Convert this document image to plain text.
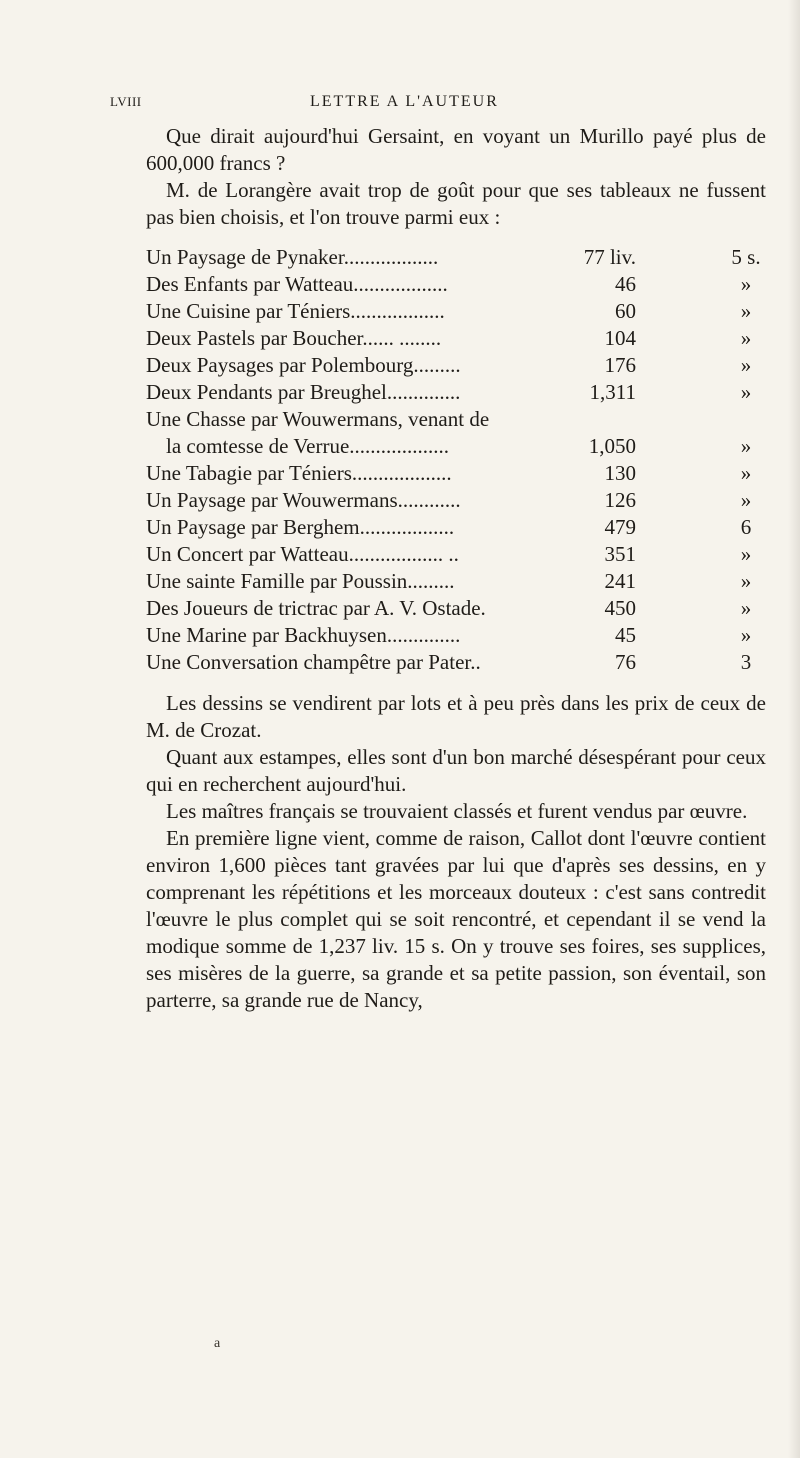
LVIII	LETTRE A L'AUTEUR

Que dirait aujourd'hui Gersaint, en voyant un Murillo payé plus de 600,000 francs ?

M. de Lorangère avait trop de goût pour que ses tableaux ne fussent pas bien choisis, et l'on trouve parmi eux :

Un Paysage de Pynaker..................	77 liv.	5 s.
Des Enfants par Watteau..................	46	»
Une Cuisine par Téniers..................	60	»
Deux Pastels par Boucher...... ........	104	»
Deux Paysages par Polembourg.........	176	»
Deux Pendants par Breughel..............	1,311	»
Une Chasse par Wouwermans, venant de
la comtesse de Verrue...................	1,050	»
Une Tabagie par Téniers...................	130	»
Un Paysage par Wouwermans............	126	»
Un Paysage par Berghem..................	479	6
Un Concert par Watteau.................. ..	351	»
Une sainte Famille par Poussin.........	241	»
Des Joueurs de trictrac par A. V. Ostade.	450	»
Une Marine par Backhuysen..............	45	»
Une Conversation champêtre par Pater..	76	3

Les dessins se vendirent par lots et à peu près dans les prix de ceux de M. de Crozat.

Quant aux estampes, elles sont d'un bon marché désespérant pour ceux qui en recherchent aujourd'hui.

Les maîtres français se trouvaient classés et furent vendus par œuvre.

En première ligne vient, comme de raison, Callot dont l'œuvre contient environ 1,600 pièces tant gravées par lui que d'après ses dessins, en y comprenant les répétitions et les morceaux douteux : c'est sans contredit l'œuvre le plus complet qui se soit rencontré, et cependant il se vend la modique somme de 1,237 liv. 15 s. On y trouve ses foires, ses supplices, ses misères de la guerre, sa grande et sa petite passion, son éventail, son parterre, sa grande rue de Nancy,

a
